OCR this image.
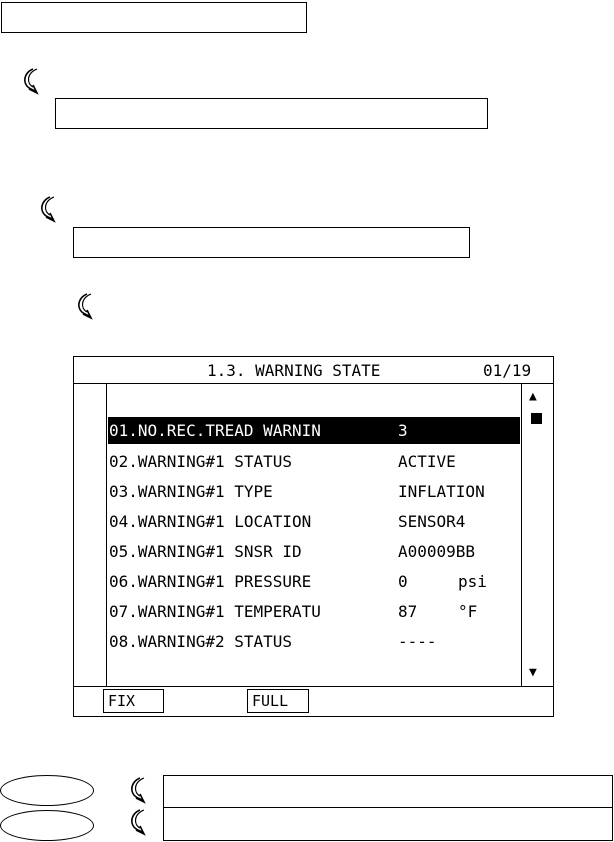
1.3. WARNING STATE	01/19
▲
▼
01.NO.REC.TREAD WARNIN	3
02.WARNING#1 STATUS	ACTIVE
03.WARNING#1 TYPE	INFLATION
04.WARNING#1 LOCATION	SENSOR4
05.WARNING#1 SNSR ID	A00009BB
06.WARNING#1 PRESSURE	0	psi
07.WARNING#1 TEMPERATU	87	°F
08.WARNING#2 STATUS	----
FIX	FULL
